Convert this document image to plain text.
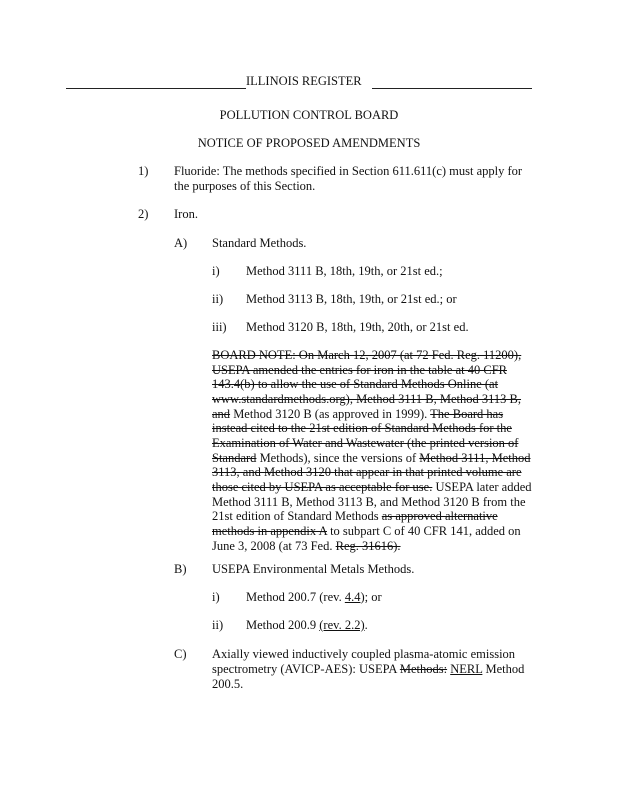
ILLINOIS REGISTER
POLLUTION CONTROL BOARD
NOTICE OF PROPOSED AMENDMENTS
1) Fluoride: The methods specified in Section 611.611(c) must apply for the purposes of this Section.
2) Iron.
A) Standard Methods.
i) Method 3111 B, 18th, 19th, or 21st ed.;
ii) Method 3113 B, 18th, 19th, or 21st ed.; or
iii) Method 3120 B, 18th, 19th, 20th, or 21st ed.
BOARD NOTE: On March 12, 2007 (at 72 Fed. Reg. 11200), USEPA amended the entries for iron in the table at 40 CFR 143.4(b) to allow the use of Standard Methods Online (at www.standardmethods.org), Method 3111 B, Method 3113 B, and Method 3120 B (as approved in 1999). The Board has instead cited to the 21st edition of Standard Methods for the Examination of Water and Wastewater (the printed version of Standard Methods), since the versions of Method 3111, Method 3113, and Method 3120 that appear in that printed volume are those cited by USEPA as acceptable for use. USEPA later added Method 3111 B, Method 3113 B, and Method 3120 B from the 21st edition of Standard Methods as approved alternative methods in appendix A to subpart C of 40 CFR 141, added on June 3, 2008 (at 73 Fed. Reg. 31616).
B) USEPA Environmental Metals Methods.
i) Method 200.7 (rev. 4.4); or
ii) Method 200.9 (rev. 2.2).
C) Axially viewed inductively coupled plasma-atomic emission
spectrometry (AVICP-AES): USEPA Methods: NERL Method
200.5.
